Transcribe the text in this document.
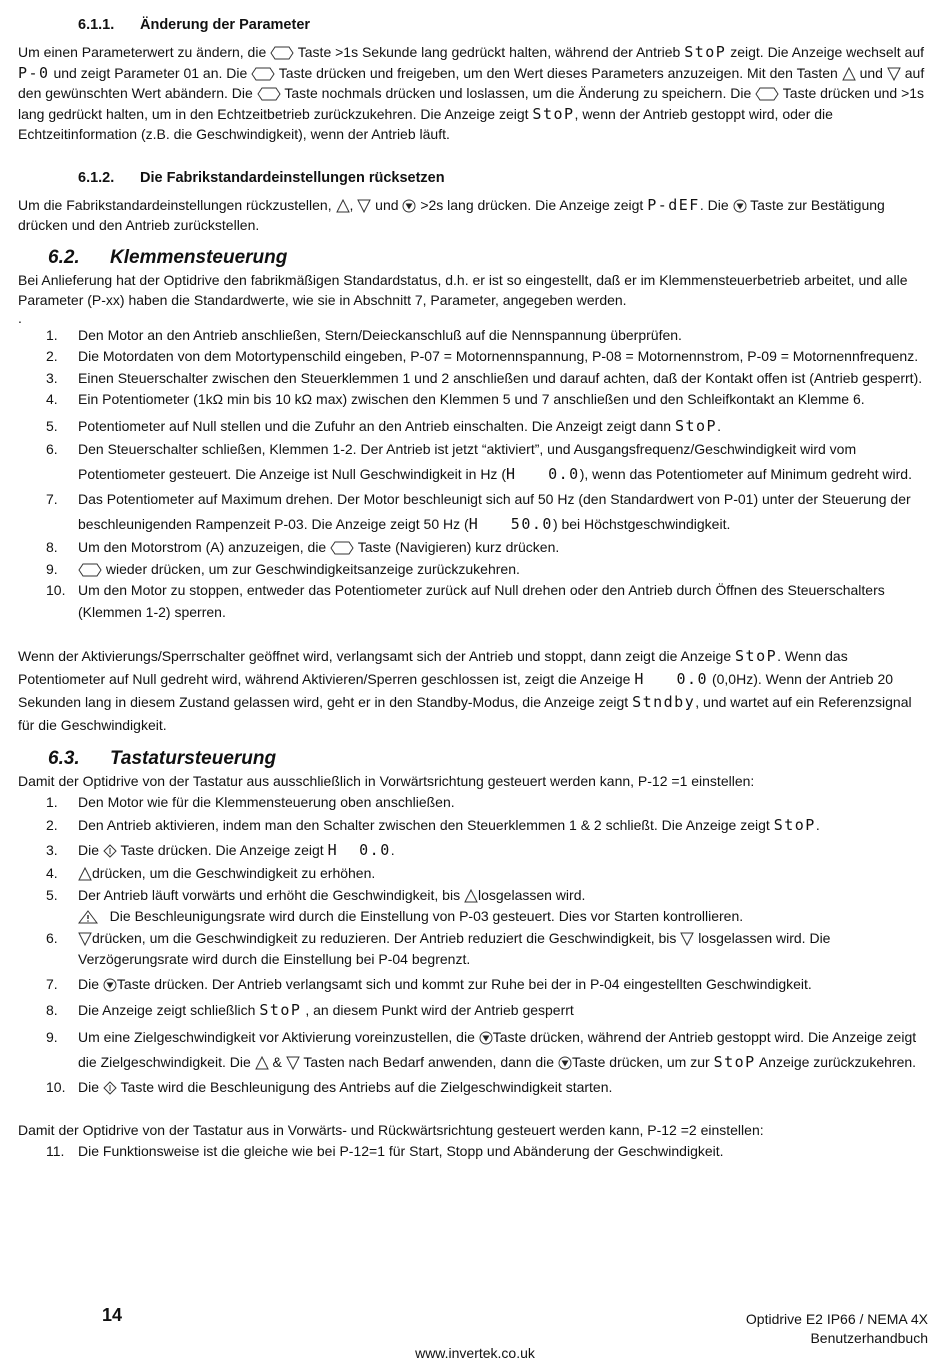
6.1.1. Änderung der Parameter

Um einen Parameterwert zu ändern, die Taste >1s Sekunde lang gedrückt halten, während der Antrieb StoP zeigt. Die Anzeige wechselt auf P-0 und zeigt Parameter 01 an. Die Taste drücken und freigeben, um den Wert dieses Parameters anzuzeigen. Mit den Tasten und auf den gewünschten Wert abändern. Die Taste nochmals drücken und loslassen, um die Änderung zu speichern. Die Taste drücken und >1s lang gedrückt halten, um in den Echtzeitbetrieb zurückzukehren. Die Anzeige zeigt StoP, wenn der Antrieb gestoppt wird, oder die Echtzeitinformation (z.B. die Geschwindigkeit), wenn der Antrieb läuft.

6.1.2. Die Fabrikstandardeinstellungen rücksetzen

Um die Fabrikstandardeinstellungen rückzustellen, , und >2s lang drücken. Die Anzeige zeigt P-dEF. Die Taste zur Bestätigung drücken und den Antrieb zurückstellen.

6.2. Klemmensteuerung

Bei Anlieferung hat der Optidrive den fabrikmäßigen Standardstatus, d.h. er ist so eingestellt, daß er im Klemmensteuerbetrieb arbeitet, und alle Parameter (P-xx) haben die Standardwerte, wie sie in Abschnitt 7, Parameter, angegeben werden.

.

1. Den Motor an den Antrieb anschließen, Stern/Deieckanschluß auf die Nennspannung überprüfen.
2. Die Motordaten von dem Motortypenschild eingeben, P-07 = Motornennspannung, P-08 = Motornennstrom, P-09 = Motornennfrequenz.
3. Einen Steuerschalter zwischen den Steuerklemmen 1 und 2 anschließen und darauf achten, daß der Kontakt offen ist (Antrieb gesperrt).
4. Ein Potentiometer (1kΩ min bis 10 kΩ max) zwischen den Klemmen 5 und 7 anschließen und den Schleifkontakt an Klemme 6.
5. Potentiometer auf Null stellen und die Zufuhr an den Antrieb einschalten. Die Anzeigt zeigt dann StoP.
6. Den Steuerschalter schließen, Klemmen 1-2. Der Antrieb ist jetzt “aktiviert”, und Ausgangsfrequenz/Geschwindigkeit wird vom Potentiometer gesteuert. Die Anzeige ist Null Geschwindigkeit in Hz (H   0.0), wenn das Potentiometer auf Minimum gedreht wird.
7. Das Potentiometer auf Maximum drehen. Der Motor beschleunigt sich auf 50 Hz (den Standardwert von P-01) unter der Steuerung der beschleunigenden Rampenzeit P-03. Die Anzeige zeigt 50 Hz (H   50.0) bei Höchstgeschwindigkeit.
8. Um den Motorstrom (A) anzuzeigen, die Taste (Navigieren) kurz drücken.
9.	wieder drücken, um zur Geschwindigkeitsanzeige zurückzukehren.
10. Um den Motor zu stoppen, entweder das Potentiometer zurück auf Null drehen oder den Antrieb durch Öffnen des Steuerschalters (Klemmen 1-2) sperren.

Wenn der Aktivierungs/Sperrschalter geöffnet wird, verlangsamt sich der Antrieb und stoppt, dann zeigt die Anzeige StoP. Wenn das Potentiometer auf Null gedreht wird, während Aktivieren/Sperren geschlossen ist, zeigt die Anzeige H   0.0 (0,0Hz). Wenn der Antrieb 20 Sekunden lang in diesem Zustand gelassen wird, geht er in den Standby-Modus, die Anzeige zeigt Stndby, und wartet auf ein Referenzsignal für die Geschwindigkeit.

6.3. Tastatursteuerung

Damit der Optidrive von der Tastatur aus ausschließlich in Vorwärtsrichtung gesteuert werden kann, P-12 =1 einstellen:

1. Den Motor wie für die Klemmensteuerung oben anschließen.
2. Den Antrieb aktivieren, indem man den Schalter zwischen den Steuerklemmen 1 & 2 schließt. Die Anzeige zeigt StoP.
3. Die Taste drücken. Die Anzeige zeigt H  0.0.
4. drücken, um die Geschwindigkeit zu erhöhen.
5. Der Antrieb läuft vorwärts und erhöht die Geschwindigkeit, bis losgelassen wird.
Die Beschleunigungsrate wird durch die Einstellung von P-03 gesteuert. Dies vor Starten kontrollieren.
6. drücken, um die Geschwindigkeit zu reduzieren. Der Antrieb reduziert die Geschwindigkeit, bis losgelassen wird. Die Verzögerungsrate wird durch die Einstellung bei P-04 begrenzt.
7. Die Taste drücken. Der Antrieb verlangsamt sich und kommt zur Ruhe bei der in P-04 eingestellten Geschwindigkeit.
8. Die Anzeige zeigt schließlich StoP , an diesem Punkt wird der Antrieb gesperrt
9. Um eine Zielgeschwindigkeit vor Aktivierung voreinzustellen, die Taste drücken, während der Antrieb gestoppt wird. Die Anzeige zeigt die Zielgeschwindigkeit. Die & Tasten nach Bedarf anwenden, dann die Taste drücken, um zur StoP Anzeige zurückzukehren.
10. Die Taste wird die Beschleunigung des Antriebs auf die Zielgeschwindigkeit starten.

Damit der Optidrive von der Tastatur aus in Vorwärts- und Rückwärtsrichtung gesteuert werden kann, P-12 =2 einstellen:

11. Die Funktionsweise ist die gleiche wie bei P-12=1 für Start, Stopp und Abänderung der Geschwindigkeit.
14	Optidrive E2 IP66 / NEMA 4X
Benutzerhandbuch
www.invertek.co.uk
